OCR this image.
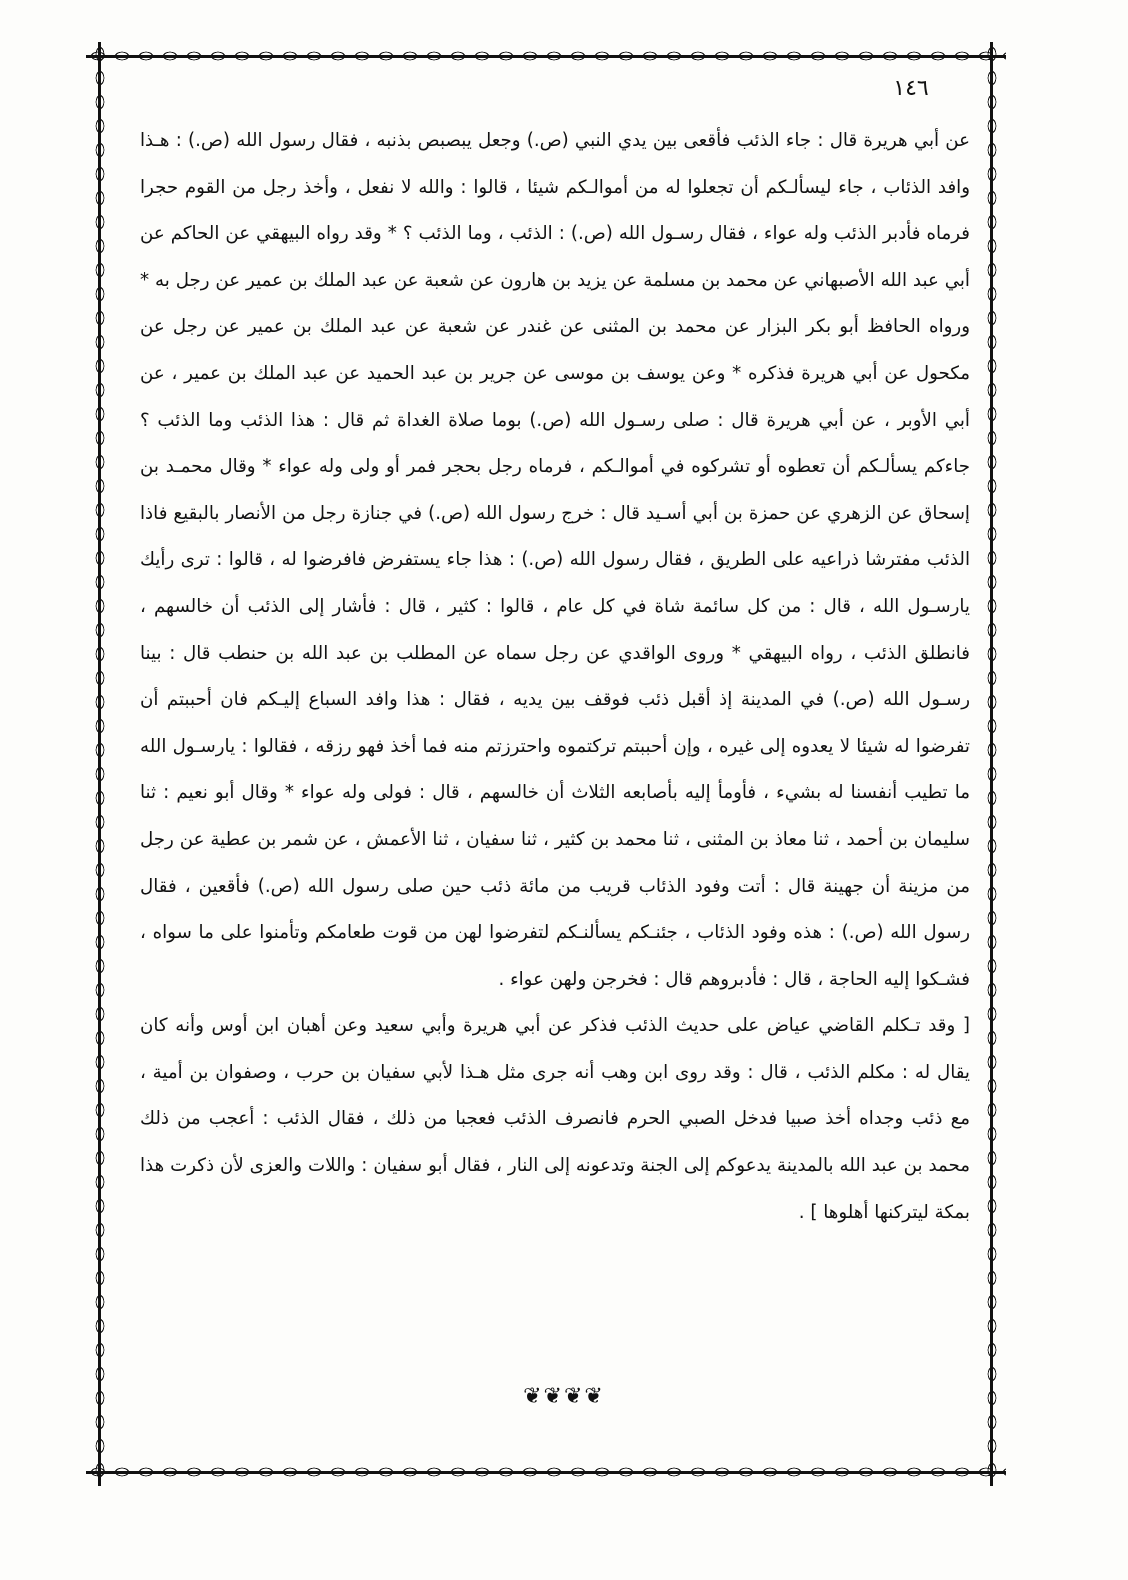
١٤٦

عن أبي هريرة قال : جاء الذئب فأقعى بين يدي النبي (ص.) وجعل يبصبص بذنبه ، فقال رسول الله (ص.) : هـذا وافد الذئاب ، جاء ليسألـكم أن تجعلوا له من أموالـكم شيئا ، قالوا : والله لا نفعل ، وأخذ رجل من القوم حجرا فرماه فأدبر الذئب وله عواء ، فقال رسـول الله (ص.) : الذئب ، وما الذئب ؟ * وقد رواه البيهقي عن الحاكم عن أبي عبد الله الأصبهاني عن محمد بن مسلمة عن يزيد بن هارون عن شعبة عن عبد الملك بن عمير عن رجل به * ورواه الحافظ أبو بكر البزار عن محمد بن المثنى عن غندر عن شعبة عن عبد الملك بن عمير عن رجل عن مكحول عن أبي هريرة فذكره * وعن يوسف بن موسى عن جرير بن عبد الحميد عن عبد الملك بن عمير ، عن أبي الأوبر ، عن أبي هريرة قال : صلى رسـول الله (ص.) بوما صلاة الغداة ثم قال : هذا الذئب وما الذئب ؟ جاءكم يسألـكم أن تعطوه أو تشركوه في أموالـكم ، فرماه رجل بحجر فمر أو ولى وله عواء * وقال محمـد بن إسحاق عن الزهري عن حمزة بن أبي أسـيد قال : خرج رسول الله (ص.) في جنازة رجل من الأنصار بالبقيع فاذا الذئب مفترشا ذراعيه على الطريق ، فقال رسول الله (ص.) : هذا جاء يستفرض فافرضوا له ، قالوا : ترى رأيك يارسـول الله ، قال : من كل سائمة شاة في كل عام ، قالوا : كثير ، قال : فأشار إلى الذئب أن خالسهم ، فانطلق الذئب ، رواه البيهقي * وروى الواقدي عن رجل سماه عن المطلب بن عبد الله بن حنطب قال : بينا رسـول الله (ص.) في المدينة إذ أقبل ذئب فوقف بين يديه ، فقال : هذا وافد السباع إليـكم فان أحببتم أن تفرضوا له شيئا لا يعدوه إلى غيره ، وإن أحببتم تركتموه واحترزتم منه فما أخذ فهو رزقه ، فقالوا : يارسـول الله ما تطيب أنفسنا له بشيء ، فأومأ إليه بأصابعه الثلاث أن خالسهم ، قال : فولى وله عواء * وقال أبو نعيم : ثنا سليمان بن أحمد ، ثنا معاذ بن المثنى ، ثنا محمد بن كثير ، ثنا سفيان ، ثنا الأعمش ، عن شمر بن عطية عن رجل من مزينة أن جهينة قال : أتت وفود الذئاب قريب من مائة ذئب حين صلى رسول الله (ص.) فأقعين ، فقال رسول الله (ص.) : هذه وفود الذئاب ، جئنـكم يسألنـكم لتفرضوا لهن من قوت طعامكم وتأمنوا على ما سواه ، فشـكوا إليه الحاجة ، قال : فأدبروهم قال : فخرجن ولهن عواء .

[ وقد تـكلم القاضي عياض على حديث الذئب فذكر عن أبي هريرة وأبي سعيد وعن أهبان ابن أوس وأنه كان يقال له : مكلم الذئب ، قال : وقد روى ابن وهب أنه جرى مثل هـذا لأبي سفيان بن حرب ، وصفوان بن أمية ، مع ذئب وجداه أخذ صبيا فدخل الصبي الحرم فانصرف الذئب فعجبا من ذلك ، فقال الذئب : أعجب من ذلك محمد بن عبد الله بالمدينة يدعوكم إلى الجنة وتدعونه إلى النار ، فقال أبو سفيان : واللات والعزى لأن ذكرت هذا بمكة ليتركنها أهلوها ] .

❦❦❦❦
